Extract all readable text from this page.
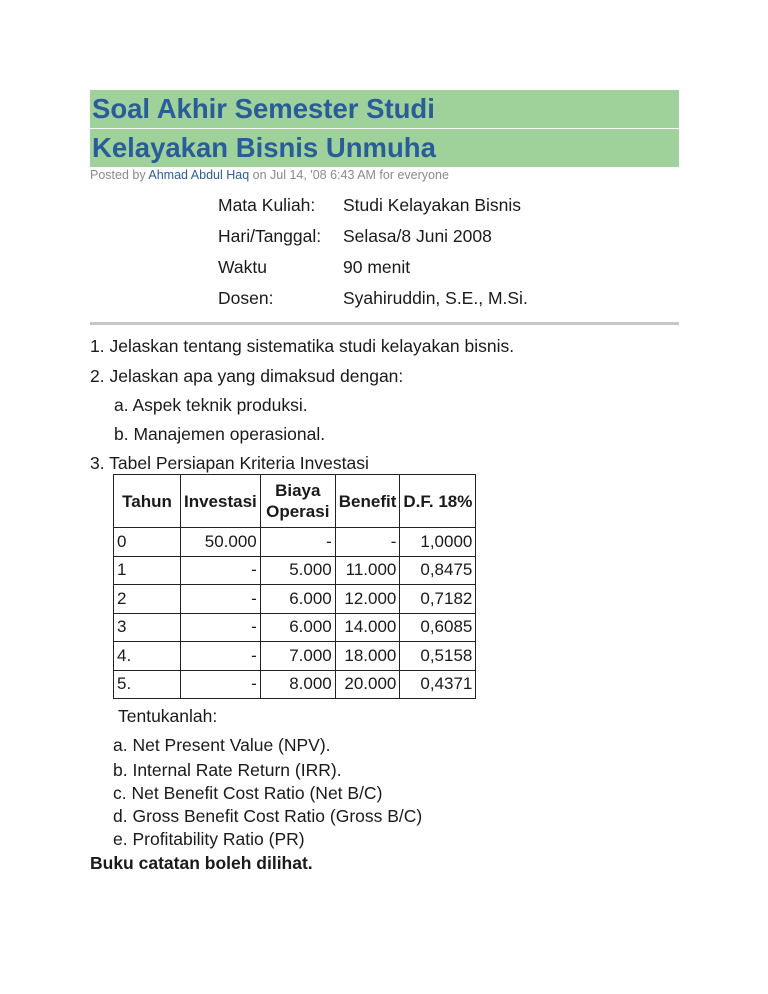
Soal Akhir Semester Studi
Kelayakan Bisnis Unmuha
Posted by Ahmad Abdul Haq on Jul 14, '08 6:43 AM for everyone
Mata Kuliah: Studi Kelayakan Bisnis
Hari/Tanggal: Selasa/8 Juni 2008
Waktu	90 menit
Dosen:	Syahiruddin, S.E., M.Si.
1. Jelaskan tentang sistematika studi kelayakan bisnis.
2. Jelaskan apa yang dimaksud dengan:
a. Aspek teknik produksi.
b. Manajemen operasional.
3. Tabel Persiapan Kriteria Investasi
Tahun	Investasi	Biaya Operasi	Benefit	D.F. 18%
0	50.000	-	-	1,0000
1	-	5.000	11.000	0,8475
2	-	6.000	12.000	0,7182
3	-	6.000	14.000	0,6085
4.	-	7.000	18.000	0,5158
5.	-	8.000	20.000	0,4371
Tentukanlah:
a. Net Present Value (NPV).
b. Internal Rate Return (IRR).
c. Net Benefit Cost Ratio (Net B/C)
d. Gross Benefit Cost Ratio (Gross B/C)
e. Profitability Ratio (PR)
Buku catatan boleh dilihat.
